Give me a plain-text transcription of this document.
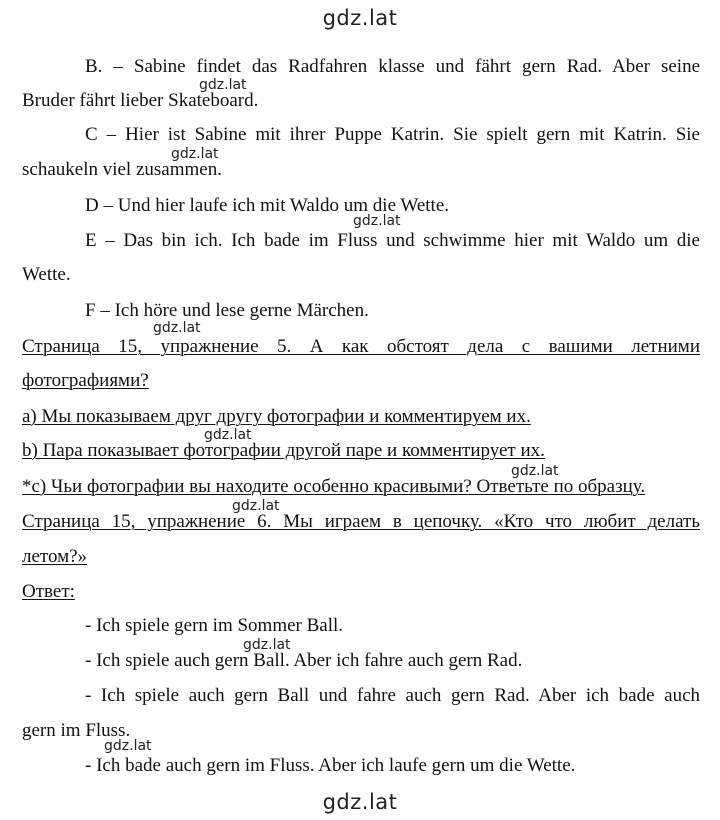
gdz.lat
B. – Sabine findet das Radfahren klasse und fährt gern Rad. Aber seine
Bruder fährt lieber Skateboard.
C – Hier ist Sabine mit ihrer Puppe Katrin. Sie spielt gern mit Katrin. Sie
schaukeln viel zusammen.
D – Und hier laufe ich mit Waldo um die Wette.
E – Das bin ich. Ich bade im Fluss und schwimme hier mit Waldo um die
Wette.
F – Ich höre und lese gerne Märchen.
Страница 15, упражнение 5. А как обстоят дела с вашими летними
фотографиями?
a) Мы показываем друг другу фотографии и комментируем их.
b) Пара показывает фотографии другой паре и комментирует их.
*c) Чьи фотографии вы находите особенно красивыми? Ответьте по образцу.
Страница 15, упражнение 6. Мы играем в цепочку. «Кто что любит делать
летом?»
Ответ:
- Ich spiele gern im Sommer Ball.
- Ich spiele auch gern Ball. Aber ich fahre auch gern Rad.
- Ich spiele auch gern Ball und fahre auch gern Rad. Aber ich bade auch
gern im Fluss.
- Ich bade auch gern im Fluss. Aber ich laufe gern um die Wette.
gdz.lat
gdz.lat
gdz.lat
gdz.lat
gdz.lat
gdz.lat
gdz.lat
gdz.lat
gdz.lat
gdz.lat
